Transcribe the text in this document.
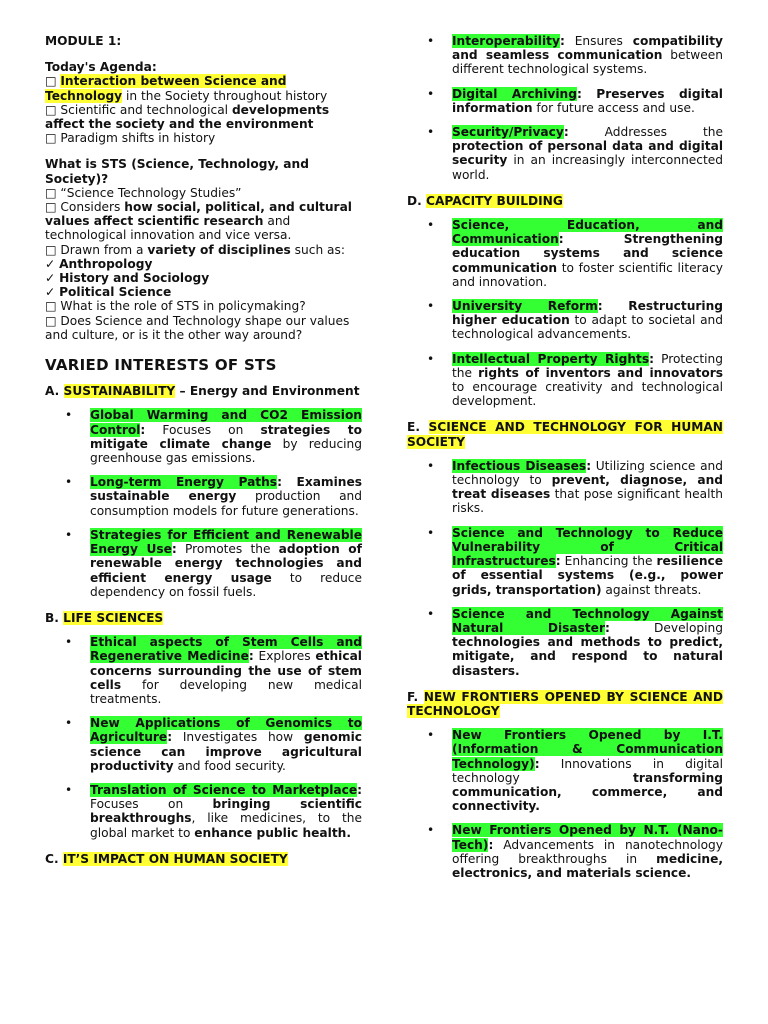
MODULE 1:

Today's Agenda:

□ Interaction between Science and Technology in the Society throughout history

□ Scientific and technological developments affect the society and the environment

□ Paradigm shifts in history

What is STS (Science, Technology, and Society)?

□ “Science Technology Studies”

□ Considers how social, political, and cultural values affect scientific research and technological innovation and vice versa.

□ Drawn from a variety of disciplines such as:

✓ Anthropology

✓ History and Sociology

✓ Political Science

□ What is the role of STS in policymaking?

□ Does Science and Technology shape our values and culture, or is it the other way around?

VARIED INTERESTS OF STS

A. SUSTAINABILITY – Energy and Environment

• Global Warming and CO2 Emission Control: Focuses on strategies to mitigate climate change by reducing greenhouse gas emissions.
• Long-term Energy Paths: Examines sustainable energy production and consumption models for future generations.
• Strategies for Efficient and Renewable Energy Use: Promotes the adoption of renewable energy technologies and efficient energy usage to reduce dependency on fossil fuels.

B. LIFE SCIENCES

• Ethical aspects of Stem Cells and Regenerative Medicine: Explores ethical concerns surrounding the use of stem cells for developing new medical treatments.
• New Applications of Genomics to Agriculture: Investigates how genomic science can improve agricultural productivity and food security.
• Translation of Science to Marketplace: Focuses on bringing scientific breakthroughs, like medicines, to the global market to enhance public health.

C. IT’S IMPACT ON HUMAN SOCIETY

• Interoperability: Ensures compatibility and seamless communication between different technological systems.
• Digital Archiving: Preserves digital information for future access and use.
• Security/Privacy: Addresses the protection of personal data and digital security in an increasingly interconnected world.

D. CAPACITY BUILDING

• Science, Education, and Communication: Strengthening education systems and science communication to foster scientific literacy and innovation.
• University Reform: Restructuring higher education to adapt to societal and technological advancements.
• Intellectual Property Rights: Protecting the rights of inventors and innovators to encourage creativity and technological development.

E. SCIENCE AND TECHNOLOGY FOR HUMAN SOCIETY

• Infectious Diseases: Utilizing science and technology to prevent, diagnose, and treat diseases that pose significant health risks.
• Science and Technology to Reduce Vulnerability of Critical Infrastructures: Enhancing the resilience of essential systems (e.g., power grids, transportation) against threats.
• Science and Technology Against Natural Disaster: Developing technologies and methods to predict, mitigate, and respond to natural disasters.

F. NEW FRONTIERS OPENED BY SCIENCE AND TECHNOLOGY

• New Frontiers Opened by I.T. (Information & Communication Technology): Innovations in digital technology transforming communication, commerce, and connectivity.
• New Frontiers Opened by N.T. (Nano-Tech): Advancements in nanotechnology offering breakthroughs in medicine, electronics, and materials science.
